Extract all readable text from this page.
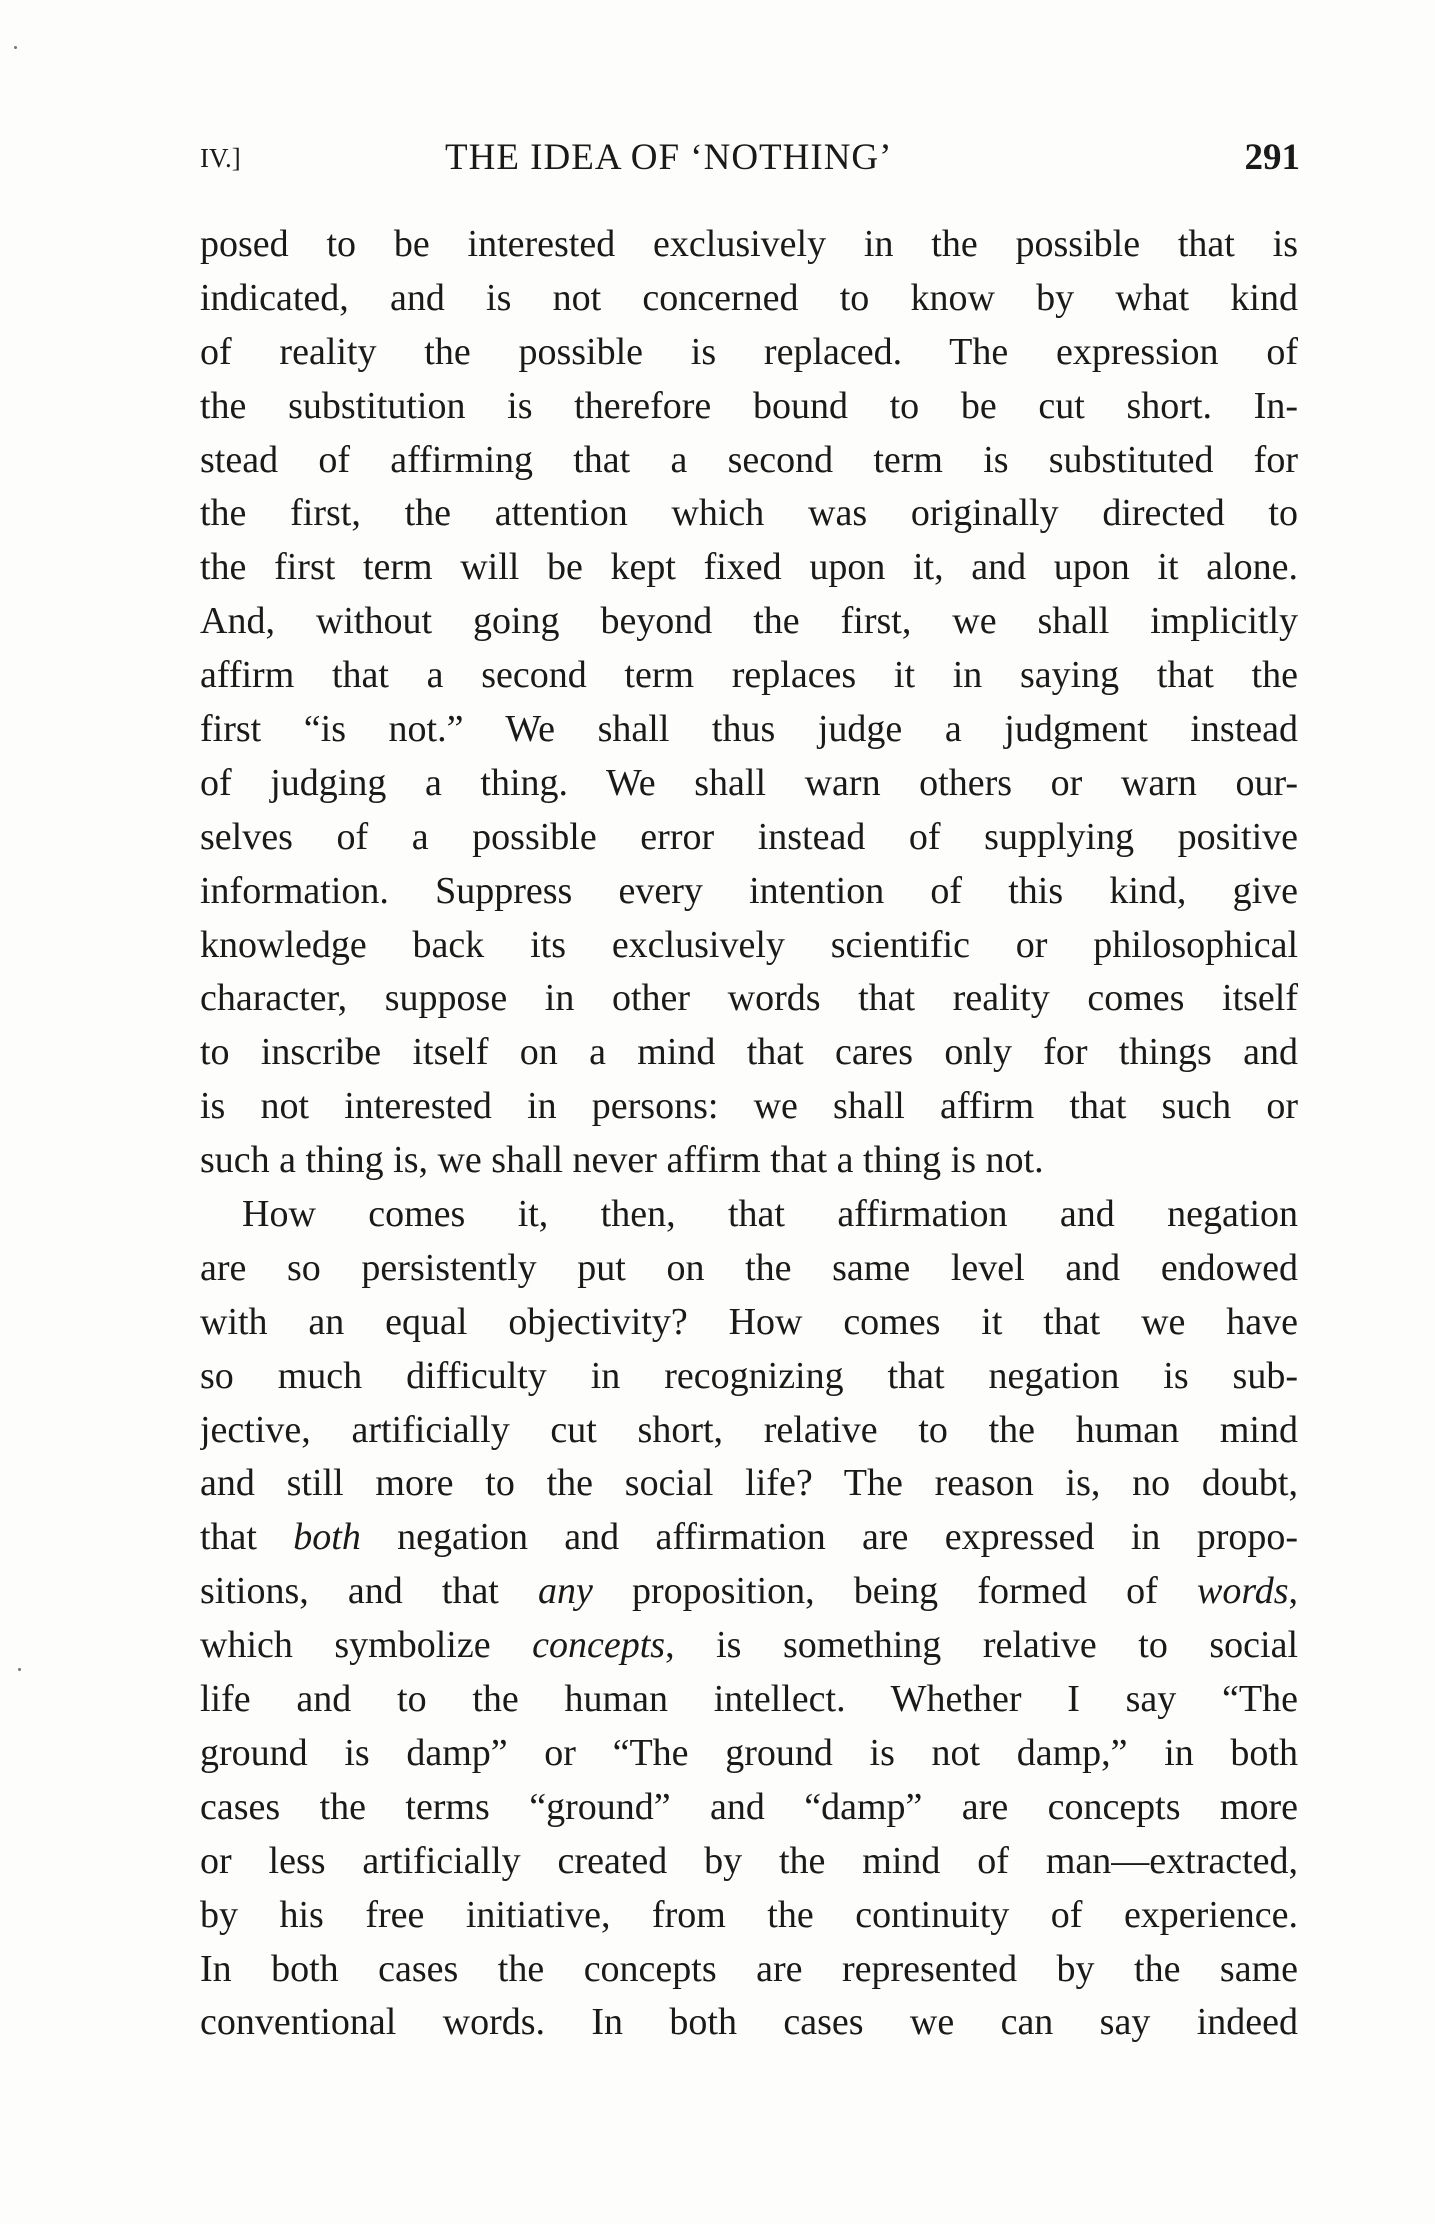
IV.]	THE IDEA OF ‘NOTHING’	291
posed to be interested exclusively in the possible that is
indicated, and is not concerned to know by what kind
of reality the possible is replaced. The expression of
the substitution is therefore bound to be cut short. In-
stead of affirming that a second term is substituted for
the first, the attention which was originally directed to
the first term will be kept fixed upon it, and upon it alone.
And, without going beyond the first, we shall implicitly
affirm that a second term replaces it in saying that the
first “is not.” We shall thus judge a judgment instead
of judging a thing. We shall warn others or warn our-
selves of a possible error instead of supplying positive
information. Suppress every intention of this kind, give
knowledge back its exclusively scientific or philosophical
character, suppose in other words that reality comes itself
to inscribe itself on a mind that cares only for things and
is not interested in persons: we shall affirm that such or
such a thing is, we shall never affirm that a thing is not.
How comes it, then, that affirmation and negation
are so persistently put on the same level and endowed
with an equal objectivity? How comes it that we have
so much difficulty in recognizing that negation is sub-
jective, artificially cut short, relative to the human mind
and still more to the social life? The reason is, no doubt,
that both negation and affirmation are expressed in propo-
sitions, and that any proposition, being formed of words,
which symbolize concepts, is something relative to social
life and to the human intellect. Whether I say “The
ground is damp” or “The ground is not damp,” in both
cases the terms “ground” and “damp” are concepts more
or less artificially created by the mind of man—extracted,
by his free initiative, from the continuity of experience.
In both cases the concepts are represented by the same
conventional words. In both cases we can say indeed
